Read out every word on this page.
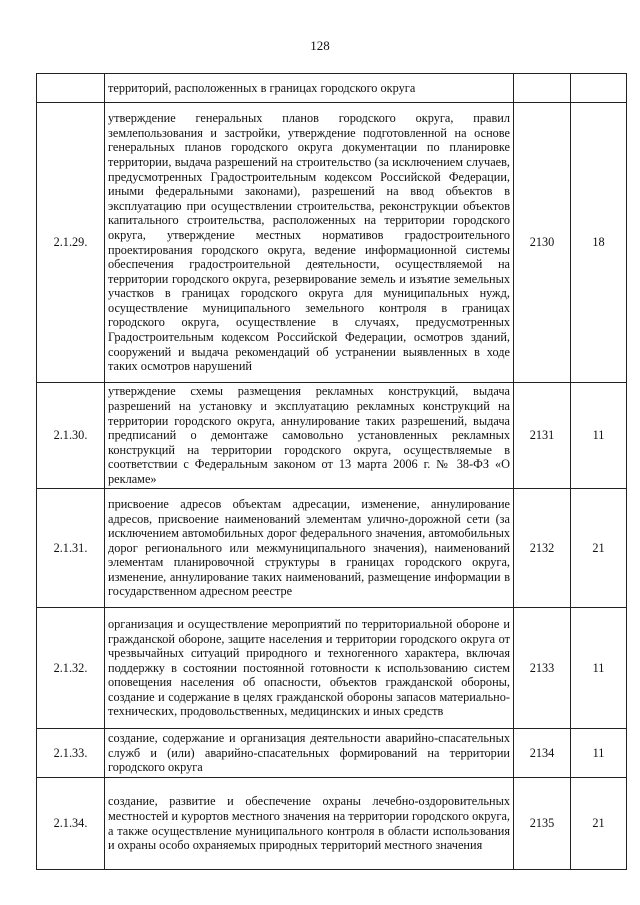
128
	территорий, расположенных в границах городского округа		
2.1.29.	утверждение генеральных планов городского округа, правил землепользования и застройки, утверждение подготовленной на основе генеральных планов городского округа документации по планировке территории, выдача разрешений на строительство (за исключением случаев, предусмотренных Градостроительным кодексом Российской Федерации, иными федеральными законами), разрешений на ввод объектов в эксплуатацию при осуществлении строительства, реконструкции объектов капитального строительства, расположенных на территории городского округа, утверждение местных нормативов градостроительного проектирования городского округа, ведение информационной системы обеспечения градостроительной деятельности, осуществляемой на территории городского округа, резервирование земель и изъятие земельных участков в границах городского округа для муниципальных нужд, осуществление муниципального земельного контроля в границах городского округа, осуществление в случаях, предусмотренных Градостроительным кодексом Российской Федерации, осмотров зданий, сооружений и выдача рекомендаций об устранении выявленных в ходе таких осмотров нарушений	2130	18
2.1.30.	утверждение схемы размещения рекламных конструкций, выдача разрешений на установку и эксплуатацию рекламных конструкций на территории городского округа, аннулирование таких разрешений, выдача предписаний о демонтаже самовольно установленных рекламных конструкций на территории городского округа, осуществляемые в соответствии с Федеральным законом от 13 марта 2006 г. № 38-ФЗ «О рекламе»	2131	11
2.1.31.	присвоение адресов объектам адресации, изменение, аннулирование адресов, присвоение наименований элементам улично-дорожной сети (за исключением автомобильных дорог федерального значения, автомобильных дорог регионального или межмуниципального значения), наименований элементам планировочной структуры в границах городского округа, изменение, аннулирование таких наименований, размещение информации в государственном адресном реестре	2132	21
2.1.32.	организация и осуществление мероприятий по территориальной обороне и гражданской обороне, защите населения и территории городского округа от чрезвычайных ситуаций природного и техногенного характера, включая поддержку в состоянии постоянной готовности к использованию систем оповещения населения об опасности, объектов гражданской обороны, создание и содержание в целях гражданской обороны запасов материально-технических, продовольственных, медицинских и иных средств	2133	11
2.1.33.	создание, содержание и организация деятельности аварийно-спасательных служб и (или) аварийно-спасательных формирований на территории городского округа	2134	11
2.1.34.	создание, развитие и обеспечение охраны лечебно-оздоровительных местностей и курортов местного значения на территории городского округа, а также осуществление муниципального контроля в области использования и охраны особо охраняемых природных территорий местного значения	2135	21
